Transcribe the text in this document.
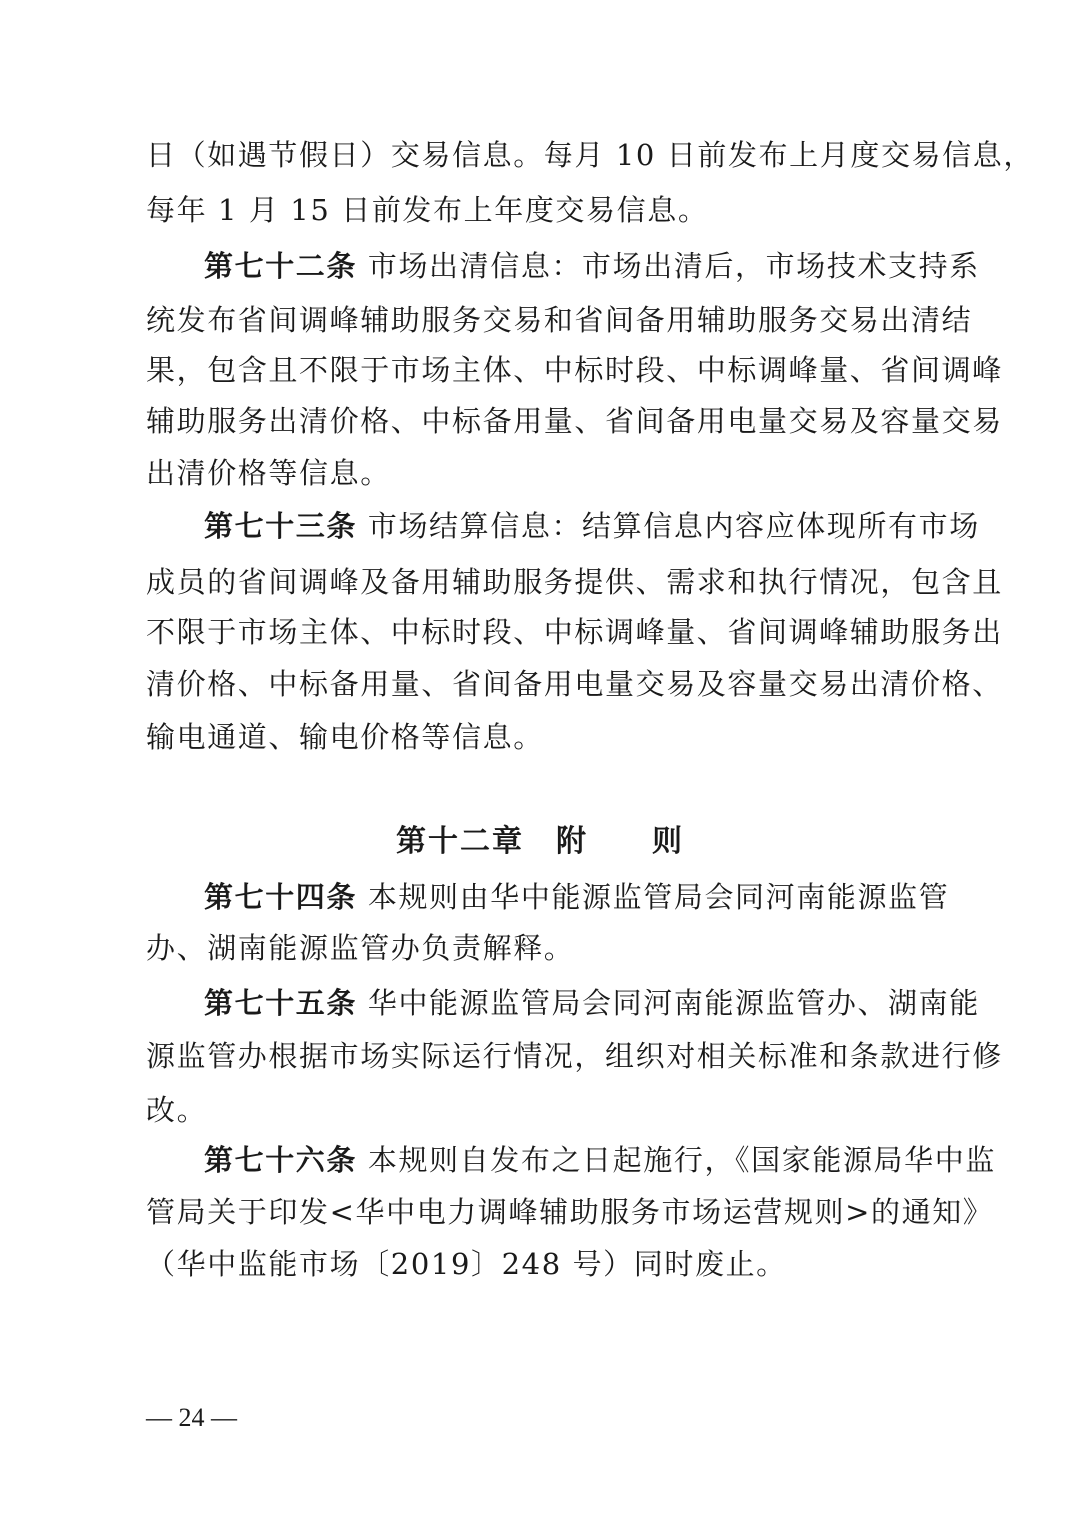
日（如遇节假日）交易信息。每月 10 日前发布上月度交易信息，
每年 1 月 15 日前发布上年度交易信息。
第七十二条 市场出清信息：市场出清后，市场技术支持系
统发布省间调峰辅助服务交易和省间备用辅助服务交易出清结
果，包含且不限于市场主体、中标时段、中标调峰量、省间调峰
辅助服务出清价格、中标备用量、省间备用电量交易及容量交易
出清价格等信息。
第七十三条 市场结算信息：结算信息内容应体现所有市场
成员的省间调峰及备用辅助服务提供、需求和执行情况，包含且
不限于市场主体、中标时段、中标调峰量、省间调峰辅助服务出
清价格、中标备用量、省间备用电量交易及容量交易出清价格、
输电通道、输电价格等信息。
第十二章　附　　则
第七十四条 本规则由华中能源监管局会同河南能源监管
办、湖南能源监管办负责解释。
第七十五条 华中能源监管局会同河南能源监管办、湖南能
源监管办根据市场实际运行情况，组织对相关标准和条款进行修
改。
第七十六条 本规则自发布之日起施行，《国家能源局华中监
管局关于印发<华中电力调峰辅助服务市场运营规则>的通知》
（华中监能市场〔2019〕248 号）同时废止。
— 24 —
